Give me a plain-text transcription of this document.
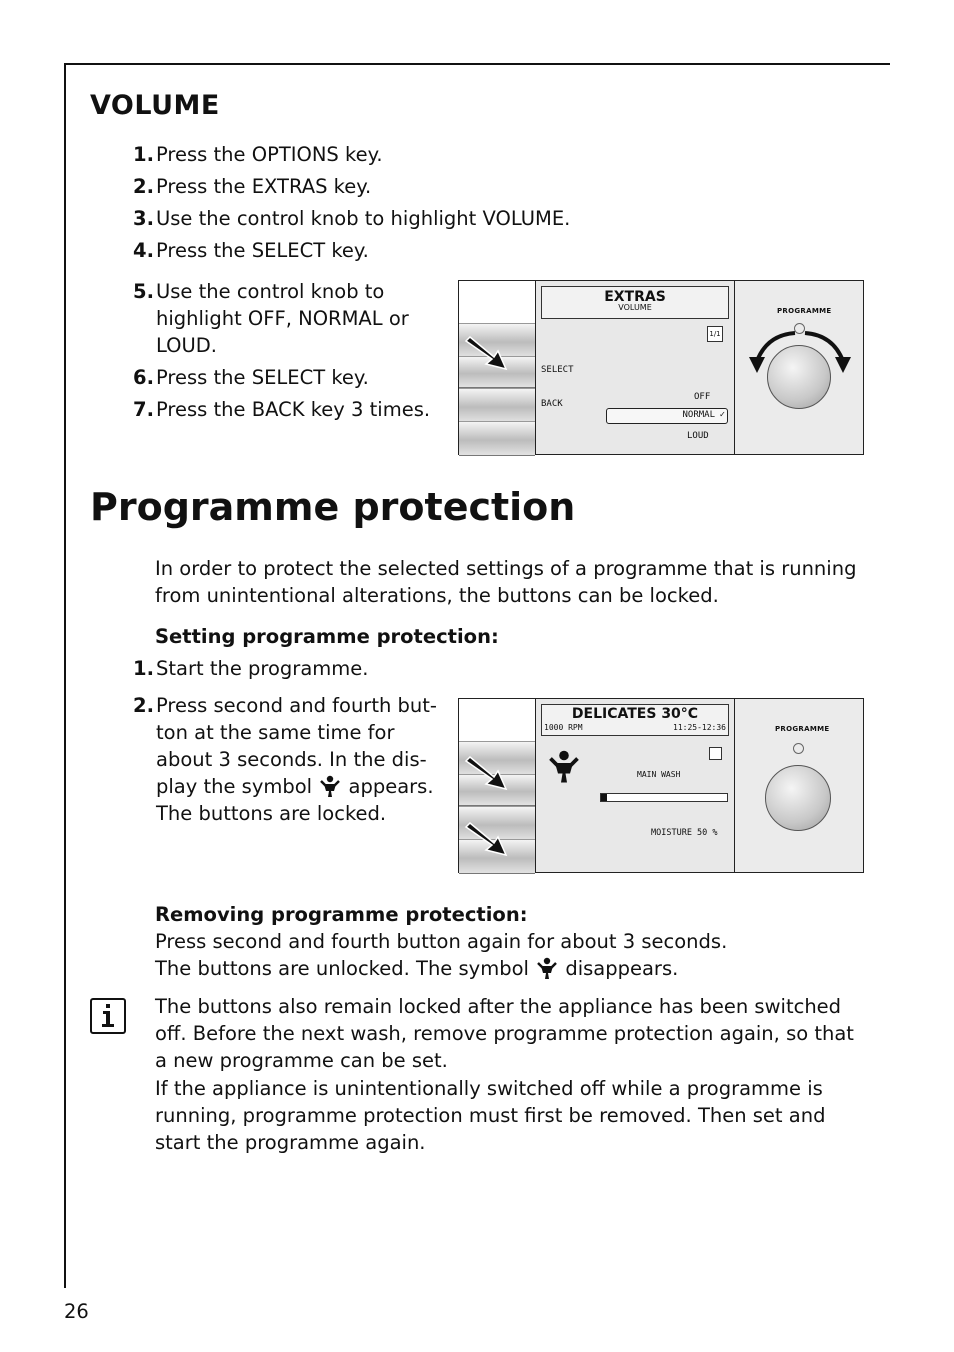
VOLUME
1. Press the OPTIONS key.
2. Press the EXTRAS key.
3. Use the control knob to highlight VOLUME.
4. Press the SELECT key.
5. Use the control knob to highlight OFF, NORMAL or LOUD.
6. Press the SELECT key.
7. Press the BACK key 3 times.
EXTRAS
VOLUME
1/1
SELECT
BACK
OFF
NORMAL ✓
LOUD
PROGRAMME
Programme protection
In order to protect the selected settings of a programme that is running from unintentional alterations, the buttons can be locked.
Setting programme protection:
1. Start the programme.
2. Press second and fourth but-ton at the same time for about 3 seconds. In the dis-play the symbol appears. The buttons are locked.
DELICATES 30°C
1000 RPM	11:25-12:36
MAIN WASH
MOISTURE 50 %
PROGRAMME
Removing programme protection:
Press second and fourth button again for about 3 seconds.
The buttons are unlocked. The symbol disappears.
The buttons also remain locked after the appliance has been switched off. Before the next wash, remove programme protection again, so that a new programme can be set.
If the appliance is unintentionally switched off while a programme is running, programme protection must first be removed. Then set and start the programme again.
26
